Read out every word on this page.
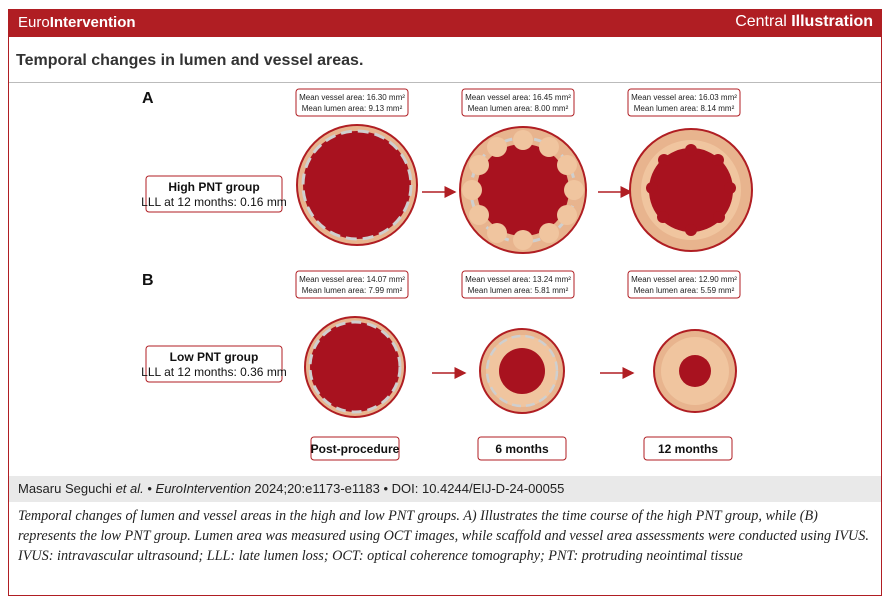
EuroIntervention	Central Illustration
Temporal changes in lumen and vessel areas.
A
B
Mean vessel area: 16.30 mm²
Mean lumen area: 9.13 mm²
Mean vessel area: 16.45 mm²
Mean lumen area: 8.00 mm²
Mean vessel area: 16.03 mm²
Mean lumen area: 8.14 mm²
Mean vessel area: 14.07 mm²
Mean lumen area: 7.99 mm²
Mean vessel area: 13.24 mm²
Mean lumen area: 5.81 mm²
Mean vessel area: 12.90 mm²
Mean lumen area: 5.59 mm²
High PNT group
LLL at 12 months: 0.16 mm
Low PNT group
LLL at 12 months: 0.36 mm
Post-procedure	6 months	12 months
Masaru Seguchi et al. • EuroIntervention 2024;20:e1173-e1183 • DOI: 10.4244/EIJ-D-24-00055
Temporal changes of lumen and vessel areas in the high and low PNT groups. A) Illustrates the time course of the high PNT group, while (B) represents the low PNT group. Lumen area was measured using OCT images, while scaffold and vessel area assessments were conducted using IVUS. IVUS: intravascular ultrasound; LLL: late lumen loss; OCT: optical coherence tomography; PNT: protruding neointimal tissue
